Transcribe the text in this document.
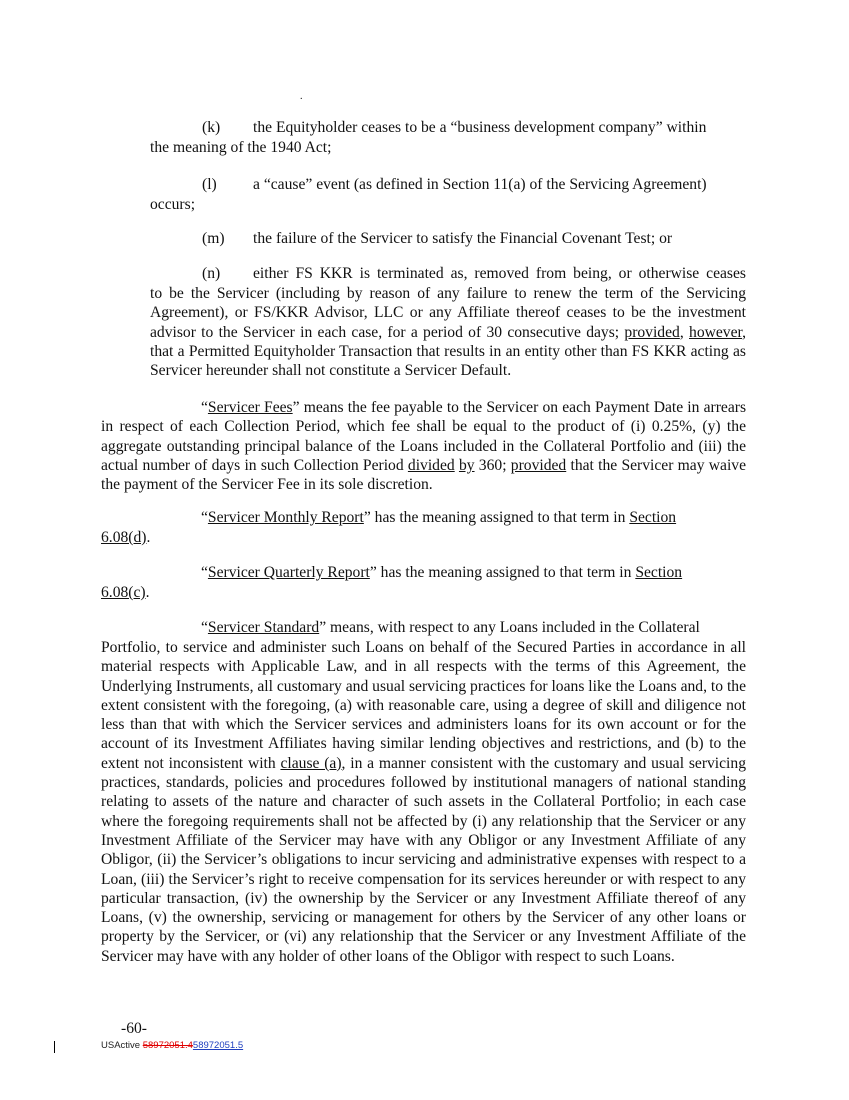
.
(k) the Equityholder ceases to be a “business development company” within
the meaning of the 1940 Act;
(l) a “cause” event (as defined in Section 11(a) of the Servicing Agreement)
occurs;
(m) the failure of the Servicer to satisfy the Financial Covenant Test; or
(n) either FS KKR is terminated as, removed from being, or otherwise ceases
to be the Servicer (including by reason of any failure to renew the term of the Servicing Agreement), or FS/KKR Advisor, LLC or any Affiliate thereof ceases to be the investment advisor to the Servicer in each case, for a period of 30 consecutive days; provided, however, that a Permitted Equityholder Transaction that results in an entity other than FS KKR acting as Servicer hereunder shall not constitute a Servicer Default.
“Servicer Fees” means the fee payable to the Servicer on each Payment Date in arrears in respect of each Collection Period, which fee shall be equal to the product of (i) 0.25%, (y) the aggregate outstanding principal balance of the Loans included in the Collateral Portfolio and (iii) the actual number of days in such Collection Period divided by 360; provided that the Servicer may waive the payment of the Servicer Fee in its sole discretion.
“Servicer Monthly Report” has the meaning assigned to that term in Section
6.08(d).
“Servicer Quarterly Report” has the meaning assigned to that term in Section
6.08(c).
“Servicer Standard” means, with respect to any Loans included in the Collateral
Portfolio, to service and administer such Loans on behalf of the Secured Parties in accordance in all material respects with Applicable Law, and in all respects with the terms of this Agreement, the Underlying Instruments, all customary and usual servicing practices for loans like the Loans and, to the extent consistent with the foregoing, (a) with reasonable care, using a degree of skill and diligence not less than that with which the Servicer services and administers loans for its own account or for the account of its Investment Affiliates having similar lending objectives and restrictions, and (b) to the extent not inconsistent with clause (a), in a manner consistent with the customary and usual servicing practices, standards, policies and procedures followed by institutional managers of national standing relating to assets of the nature and character of such assets in the Collateral Portfolio; in each case where the foregoing requirements shall not be affected by (i) any relationship that the Servicer or any Investment Affiliate of the Servicer may have with any Obligor or any Investment Affiliate of any Obligor, (ii) the Servicer’s obligations to incur servicing and administrative expenses with respect to a Loan, (iii) the Servicer’s right to receive compensation for its services hereunder or with respect to any particular transaction, (iv) the ownership by the Servicer or any Investment Affiliate thereof of any Loans, (v) the ownership, servicing or management for others by the Servicer of any other loans or property by the Servicer, or (vi) any relationship that the Servicer or any Investment Affiliate of the Servicer may have with any holder of other loans of the Obligor with respect to such Loans.
-60-
USActive 58972051.458972051.5
